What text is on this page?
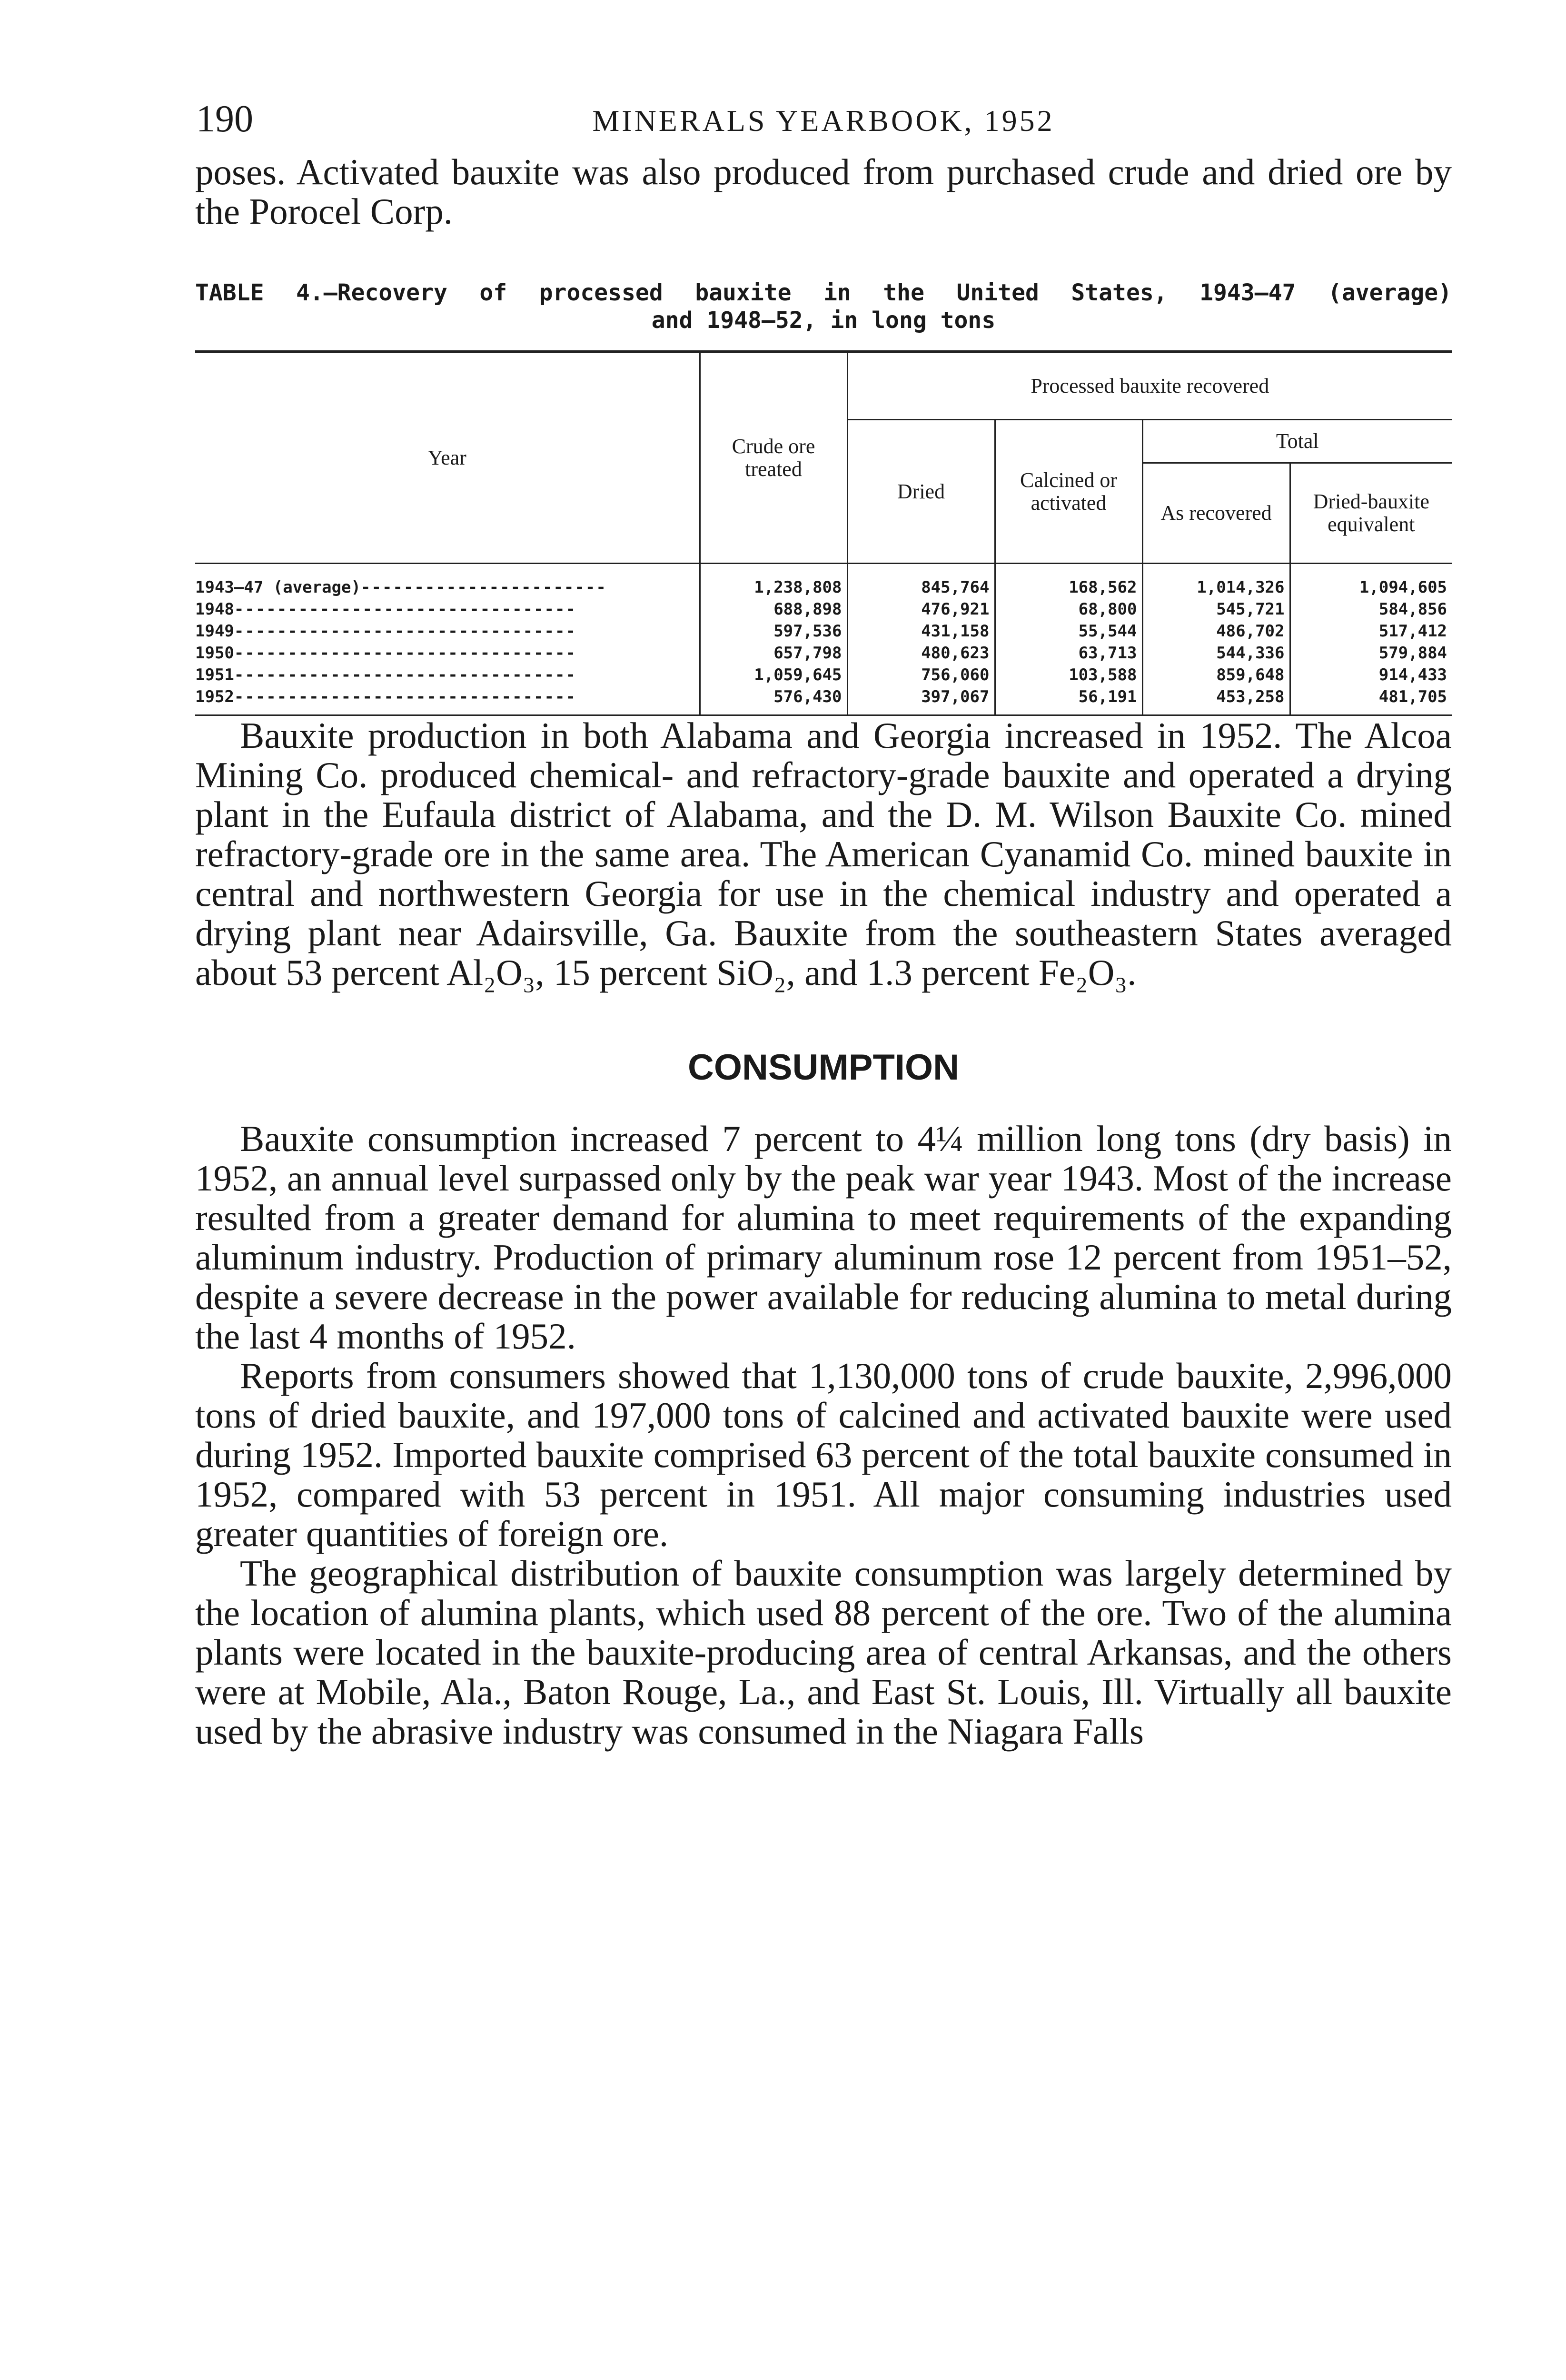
190	MINERALS YEARBOOK, 1952

poses. Activated bauxite was also produced from purchased crude and dried ore by the Porocel Corp.

TABLE 4.—Recovery of processed bauxite in the United States, 1943–47 (average)
and 1948–52, in long tons
Year	Crude ore treated	Processed bauxite recovered			
		Dried	Calcined or activated	Total	
				As recovered	Dried-bauxite equivalent
1943–47 (average)-----------------------	1,238,808	845,764	168,562	1,014,326	1,094,605
1948--------------------------------	688,898	476,921	68,800	545,721	584,856
1949--------------------------------	597,536	431,158	55,544	486,702	517,412
1950--------------------------------	657,798	480,623	63,713	544,336	579,884
1951--------------------------------	1,059,645	756,060	103,588	859,648	914,433
1952--------------------------------	576,430	397,067	56,191	453,258	481,705

Bauxite production in both Alabama and Georgia increased in 1952. The Alcoa Mining Co. produced chemical- and refractory-grade bauxite and operated a drying plant in the Eufaula district of Alabama, and the D. M. Wilson Bauxite Co. mined refractory-grade ore in the same area. The American Cyanamid Co. mined bauxite in central and northwestern Georgia for use in the chemical industry and operated a drying plant near Adairsville, Ga. Bauxite from the southeastern States averaged about 53 percent Al₂O₃, 15 percent SiO₂, and 1.3 percent Fe₂O₃.

CONSUMPTION

Bauxite consumption increased 7 percent to 4¼ million long tons (dry basis) in 1952, an annual level surpassed only by the peak war year 1943. Most of the increase resulted from a greater demand for alumina to meet requirements of the expanding aluminum industry. Production of primary aluminum rose 12 percent from 1951–52, despite a severe decrease in the power available for reducing alumina to metal during the last 4 months of 1952.

Reports from consumers showed that 1,130,000 tons of crude bauxite, 2,996,000 tons of dried bauxite, and 197,000 tons of calcined and activated bauxite were used during 1952. Imported bauxite comprised 63 percent of the total bauxite consumed in 1952, compared with 53 percent in 1951. All major consuming industries used greater quantities of foreign ore.

The geographical distribution of bauxite consumption was largely determined by the location of alumina plants, which used 88 percent of the ore. Two of the alumina plants were located in the bauxite-producing area of central Arkansas, and the others were at Mobile, Ala., Baton Rouge, La., and East St. Louis, Ill. Virtually all bauxite used by the abrasive industry was consumed in the Niagara Falls
